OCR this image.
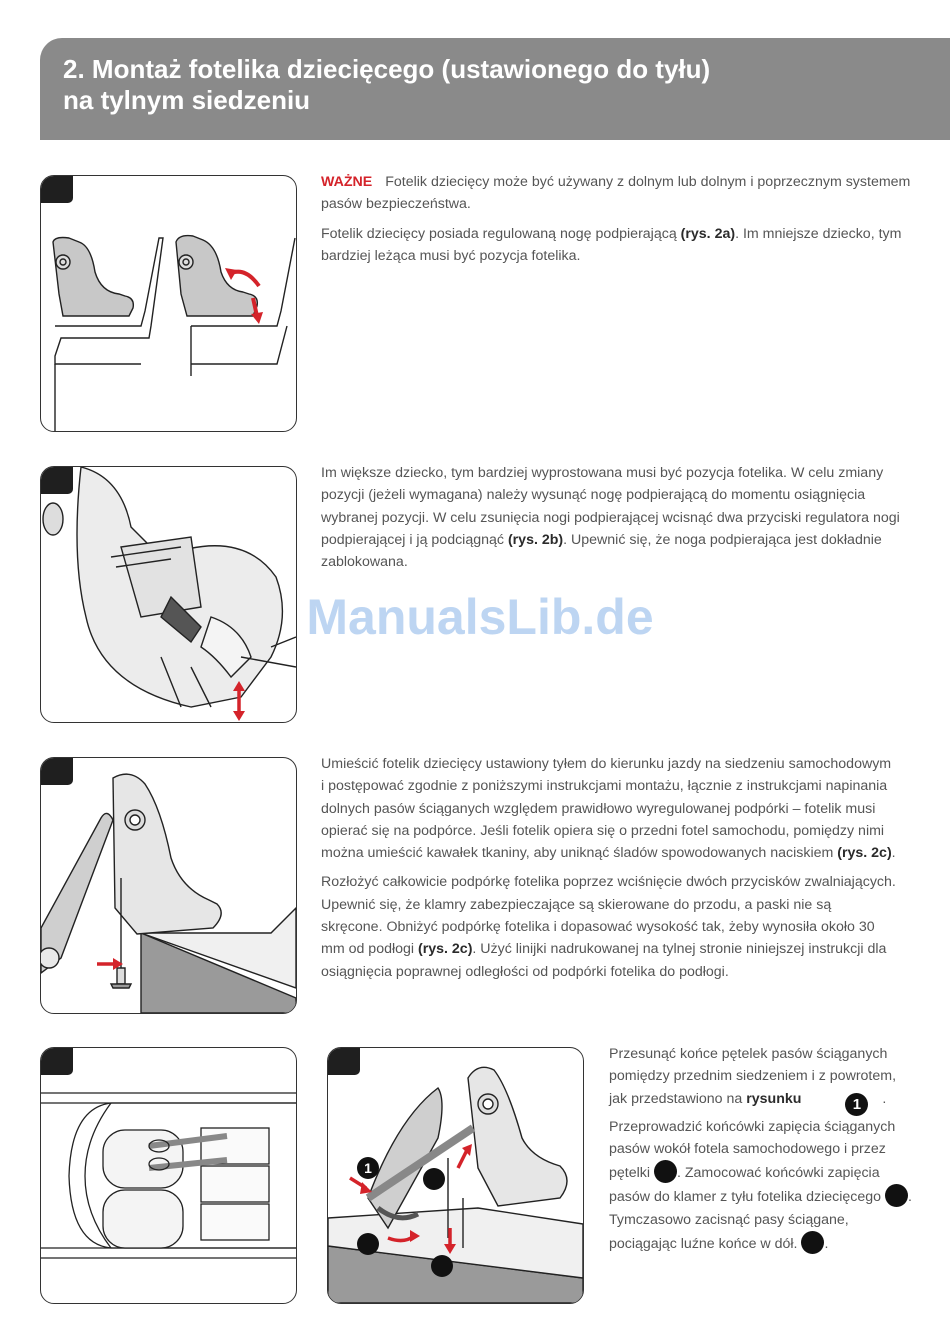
2. Montaż fotelika dziecięcego (ustawionego do tyłu)
na tylnym siedzeniu
1

WAŻNE Fotelik dziecięcy może być używany z dolnym lub dolnym i poprzecznym systemem pasów bezpieczeństwa.

Fotelik dziecięcy posiada regulowaną nogę podpierającą (rys. 2a). Im mniejsze dziecko, tym bardziej leżąca musi być pozycja fotelika.

Im większe dziecko, tym bardziej wyprostowana musi być pozycja fotelika. W celu zmiany pozycji (jeżeli wymagana) należy wysunąć nogę podpierającą do momentu osiągnięcia wybranej pozycji. W celu zsunięcia nogi podpierającej wcisnąć dwa przyciski regulatora nogi podpierającej i ją podciągnąć (rys. 2b). Upewnić się, że noga podpierająca jest dokładnie zablokowana.

Umieścić fotelik dziecięcy ustawiony tyłem do kierunku jazdy na siedzeniu samochodowym i postępować zgodnie z poniższymi instrukcjami montażu, łącznie z instrukcjami napinania dolnych pasów ściąganych względem prawidłowo wyregulowanej podpórki – fotelik musi opierać się na podpórce. Jeśli fotelik opiera się o przedni fotel samochodu, pomiędzy nimi można umieścić kawałek tkaniny, aby uniknąć śladów spowodowanych naciskiem (rys. 2c).

Rozłożyć całkowicie podpórkę fotelika poprzez wciśnięcie dwóch przycisków zwalniających. Upewnić się, że klamry zabezpieczające są skierowane do przodu, a paski nie są skręcone. Obniżyć podpórkę fotelika i dopasować wysokość tak, żeby wynosiła około 30 mm od podłogi (rys. 2c). Użyć linijki nadrukowanej na tylnej stronie niniejszej instrukcji dla osiągnięcia poprawnej odległości od podpórki fotelika do podłogi.

Przesunąć końce pętelek pasów ściąganych pomiędzy przednim siedzeniem i z powrotem, jak przedstawiono na rysunku	1 . Przeprowadzić końcówki zapięcia ściąganych pasów wokół fotela samochodowego i przez pętelki . Zamocować końcówki zapięcia pasów do klamer z tyłu fotelika dziecięcego . Tymczasowo zacisnąć pasy ściągane, pociągając luźne końce w dół. .

ManualsLib.de
